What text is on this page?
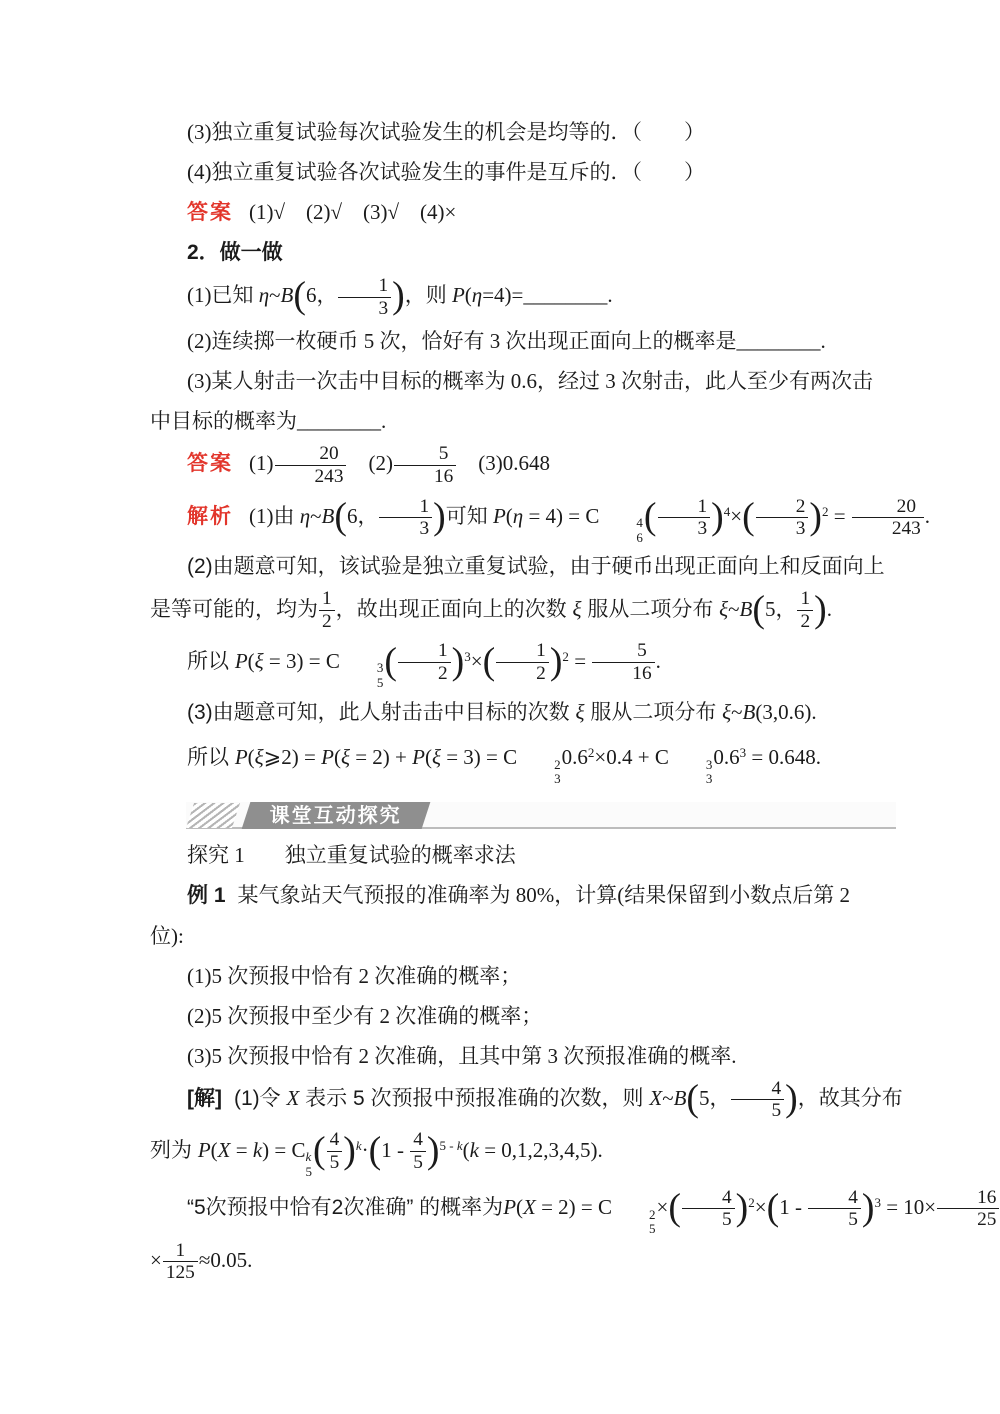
(3)独立重复试验每次试验发生的机会是均等的．（　　）

(4)独立重复试验各次试验发生的事件是互斥的．（　　）

答案 (1)√　(2)√　(3)√　(4)×

2．做一做

(1)已知 η~B(6， $\frac{1}{3}$ )，则 P(η=4)=________.

(2)连续掷一枚硬币 5 次，恰好有 3 次出现正面向上的概率是________.

(3)某人射击一次击中目标的概率为 0.6，经过 3 次射击，此人至少有两次击

中目标的概率为________.

答案 $(1) \frac{20}{243}$ 　$(2) \frac{5}{16}$ 　(3)0.648

解析 (1)由 η~B(6， $\frac{1}{3}$ )可知 P(η = 4) = C	4
6
( $\frac{1}{3} )^4\times( \frac{2}{3} )^2 = \frac{20}{243}$ .

(2)由题意可知，该试验是独立重复试验，由于硬币出现正面向上和反面向上

是等可能的，均为 $\frac{1}{2}$ ，故出现正面向上的次数 ξ 服从二项分布 ξ~B(5， $\frac{1}{2}$ ).

所以 P(ξ = 3) = C	3
5
( $\frac{1}{2} )^3\times( \frac{1}{2} )^2 = \frac{5}{16}$ .

(3)由题意可知，此人射击击中目标的次数 ξ 服从二项分布 ξ~B(3,0.6).

所以 P(ξ⩾2) = P(ξ = 2) + P(ξ = 3) = C	2
3
$0.6^2\times 0.4 + C$	3
3
$0.6^3 = 0.648$.

课堂互动探究

探究 1 独立重复试验的概率求法

例 1 某气象站天气预报的准确率为 80%，计算(结果保留到小数点后第 2

位):

(1)5 次预报中恰有 2 次准确的概率；

(2)5 次预报中至少有 2 次准确的概率；

(3)5 次预报中恰有 2 次准确，且其中第 3 次预报准确的概率.

[解] (1)令 X 表示 5 次预报中预报准确的次数，则 X~B(5， $\frac{4}{5}$ )，故其分布

列为 P(X = k) = C k
5
( $\frac{4}{5} )^k\cdot(1 - \frac{4}{5} )^{5 -}$ $^k$(k = 0,1,2,3,4,5).

“5次预报中恰有2次准确” 的概率为P(X = 2) = C	2
5
×( $\frac{4}{5} )^2\times(1 - \frac{4}{5} )^3 = 10\times \frac{16}{25}$

× $\frac{1}{125} \approx 0.05$.
